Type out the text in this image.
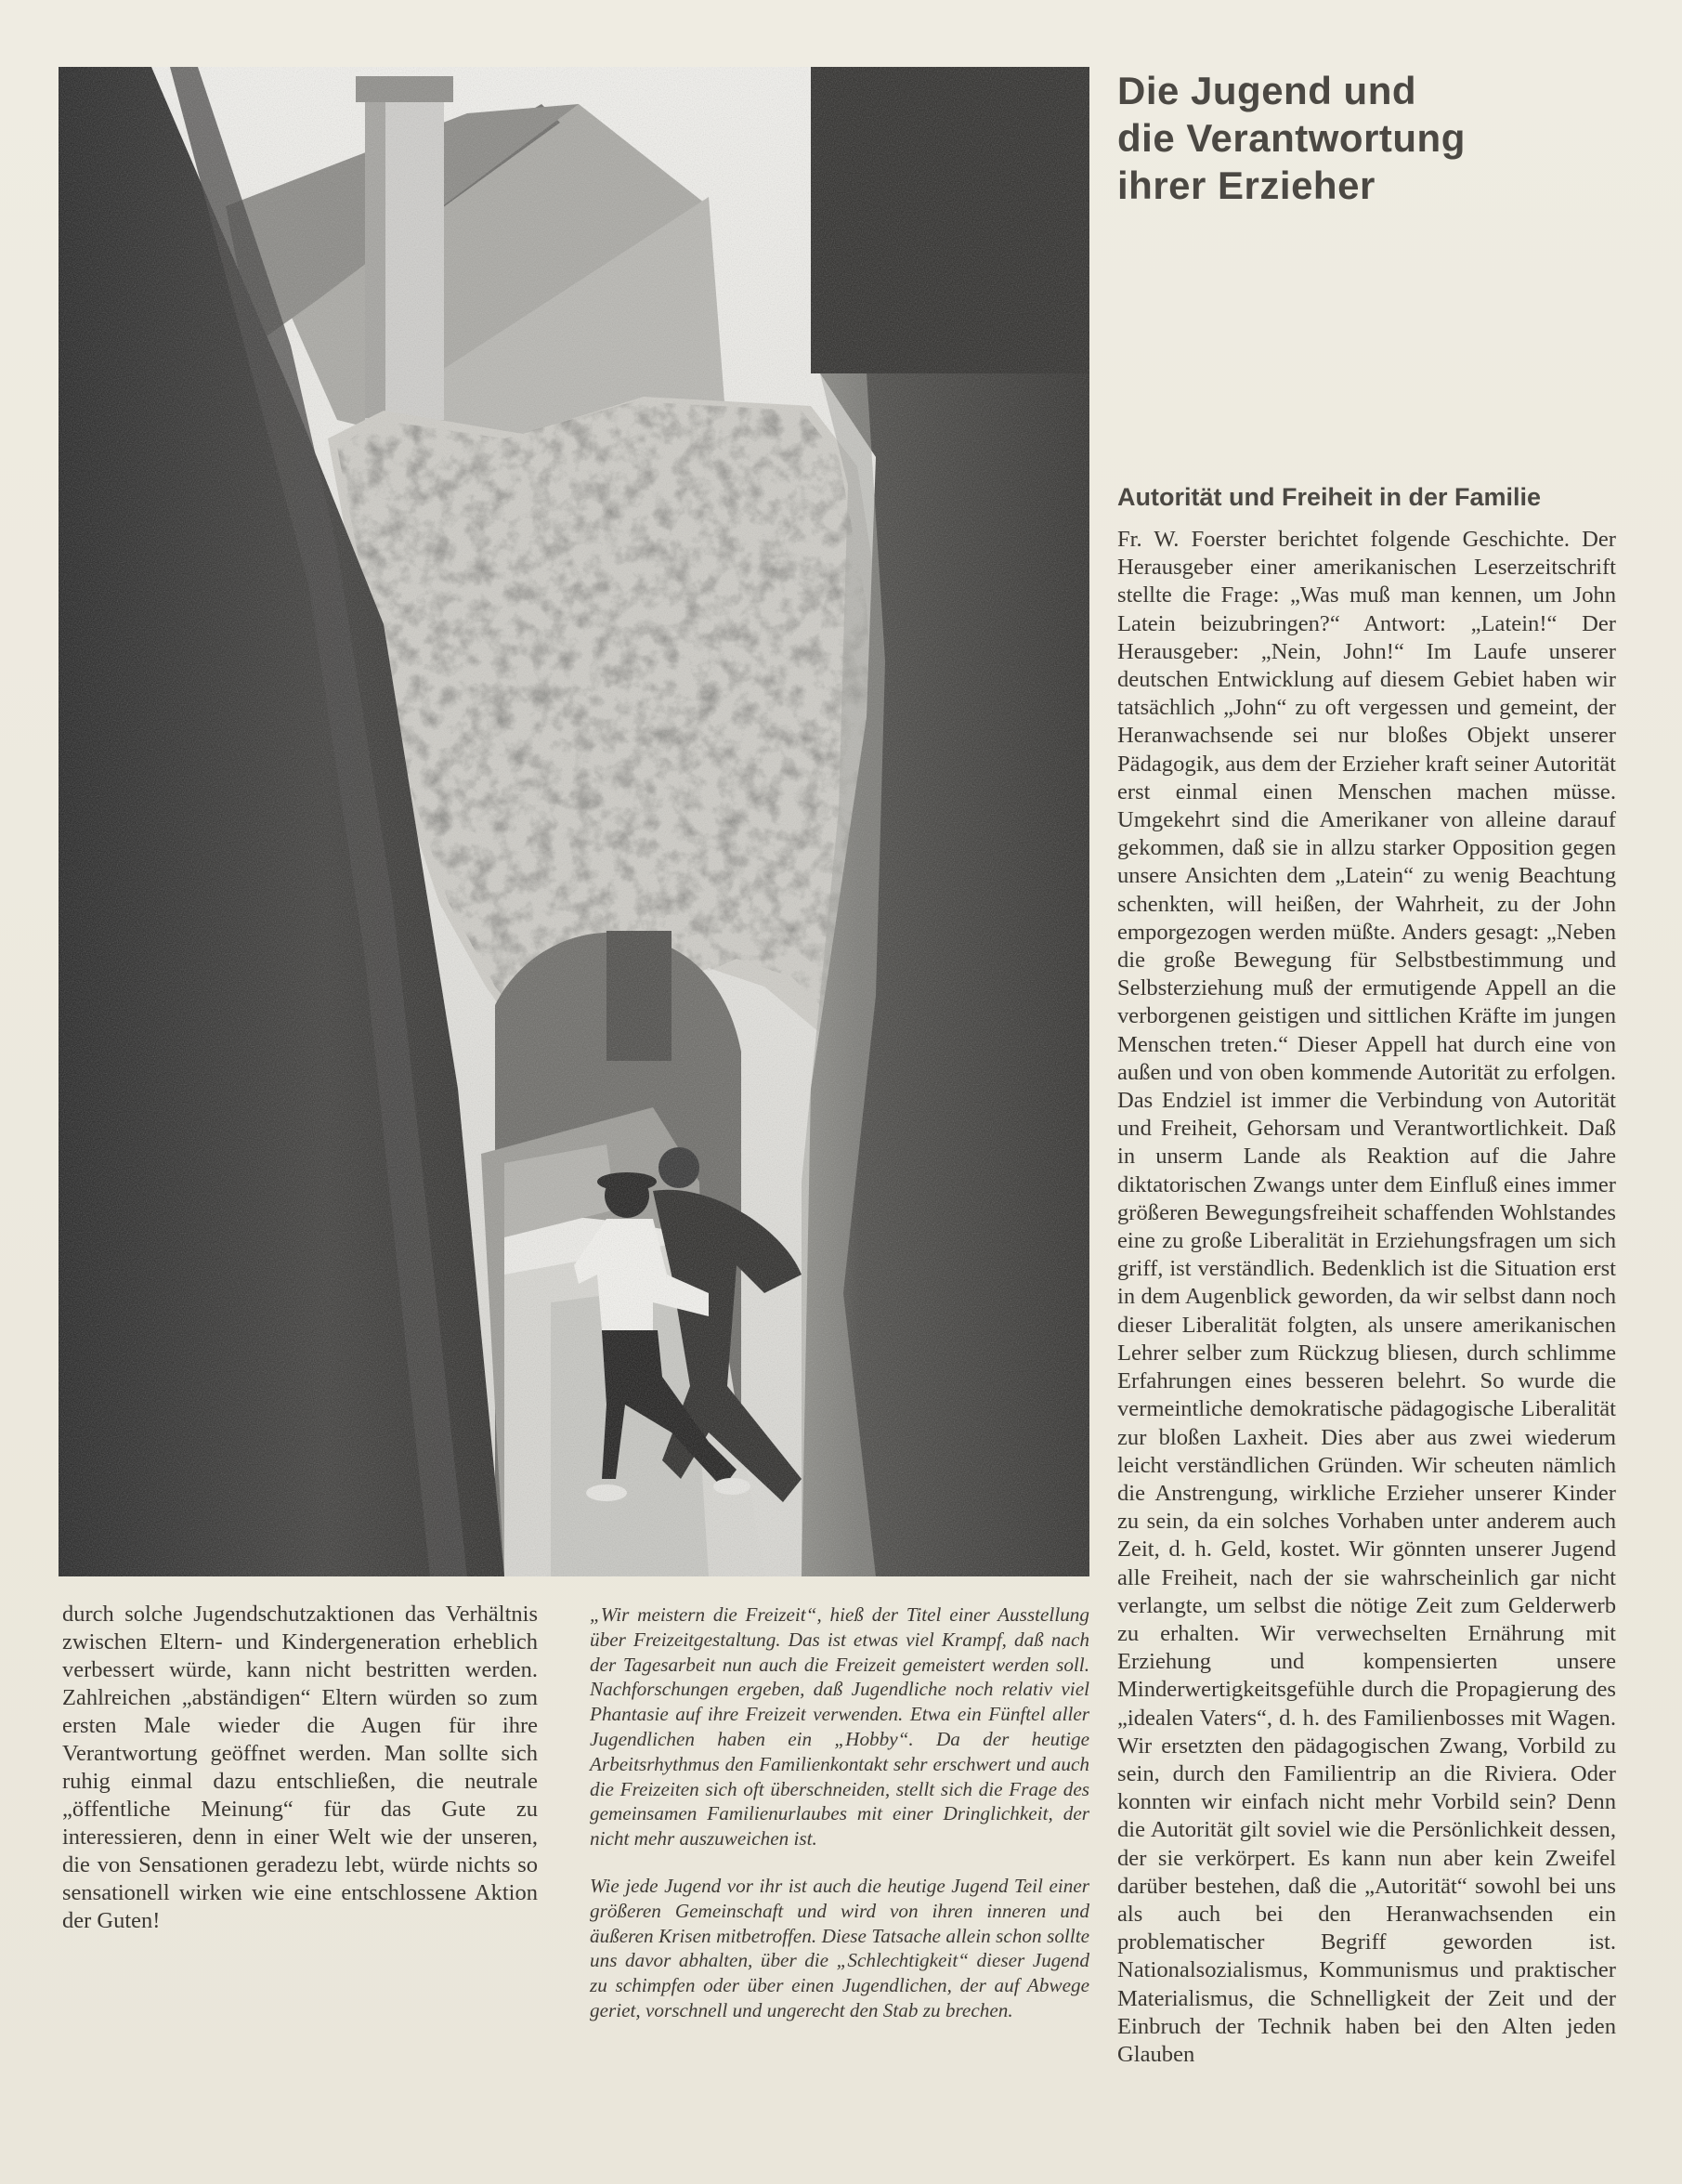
Die Jugend und
die Verantwortung
ihrer Erzieher
Autorität und Freiheit in der Familie

Fr. W. Foerster berichtet folgende Geschichte. Der Herausgeber einer amerikanischen Leserzeitschrift stellte die Frage: „Was muß man kennen, um John Latein beizubringen?“ Antwort: „Latein!“ Der Herausgeber: „Nein, John!“ Im Laufe unserer deutschen Entwicklung auf diesem Gebiet haben wir tatsächlich „John“ zu oft vergessen und gemeint, der Heranwachsende sei nur bloßes Objekt unserer Pädagogik, aus dem der Erzieher kraft seiner Autorität erst einmal einen Menschen machen müsse. Umgekehrt sind die Amerikaner von alleine darauf gekommen, daß sie in allzu starker Opposition gegen unsere Ansichten dem „Latein“ zu wenig Beachtung schenkten, will heißen, der Wahrheit, zu der John emporgezogen werden müßte. Anders gesagt: „Neben die große Bewegung für Selbstbestimmung und Selbsterziehung muß der ermutigende Appell an die verborgenen geistigen und sittlichen Kräfte im jungen Menschen treten.“ Dieser Appell hat durch eine von außen und von oben kommende Autorität zu erfolgen. Das Endziel ist immer die Verbindung von Autorität und Freiheit, Gehorsam und Verantwortlichkeit. Daß in unserm Lande als Reaktion auf die Jahre diktatorischen Zwangs unter dem Einfluß eines immer größeren Bewegungsfreiheit schaffenden Wohlstandes eine zu große Liberalität in Erziehungsfragen um sich griff, ist verständlich. Bedenklich ist die Situation erst in dem Augenblick geworden, da wir selbst dann noch dieser Liberalität folgten, als unsere amerikanischen Lehrer selber zum Rückzug bliesen, durch schlimme Erfahrungen eines besseren belehrt. So wurde die vermeintliche demokratische pädagogische Liberalität zur bloßen Laxheit. Dies aber aus zwei wiederum leicht verständlichen Gründen. Wir scheuten nämlich die Anstrengung, wirkliche Erzieher unserer Kinder zu sein, da ein solches Vorhaben unter anderem auch Zeit, d. h. Geld, kostet. Wir gönnten unserer Jugend alle Freiheit, nach der sie wahrscheinlich gar nicht verlangte, um selbst die nötige Zeit zum Gelderwerb zu erhalten. Wir verwechselten Ernährung mit Erziehung und kompensierten unsere Minderwertigkeitsgefühle durch die Propagierung des „idealen Vaters“, d. h. des Familienbosses mit Wagen. Wir ersetzten den pädagogischen Zwang, Vorbild zu sein, durch den Familientrip an die Riviera. Oder konnten wir einfach nicht mehr Vorbild sein? Denn die Autorität gilt soviel wie die Persönlichkeit dessen, der sie verkörpert. Es kann nun aber kein Zweifel darüber bestehen, daß die „Autorität“ sowohl bei uns als auch bei den Heranwachsenden ein problematischer Begriff geworden ist. Nationalsozialismus, Kommunismus und praktischer Materialismus, die Schnelligkeit der Zeit und der Einbruch der Technik haben bei den Alten jeden Glauben

durch solche Jugendschutzaktionen das Verhältnis zwischen Eltern- und Kindergeneration erheblich verbessert würde, kann nicht bestritten werden. Zahlreichen „abständigen“ Eltern würden so zum ersten Male wieder die Augen für ihre Verantwortung geöffnet werden. Man sollte sich ruhig einmal dazu entschließen, die neutrale „öffentliche Meinung“ für das Gute zu interessieren, denn in einer Welt wie der unseren, die von Sensationen geradezu lebt, würde nichts so sensationell wirken wie eine entschlossene Aktion der Guten!

„Wir meistern die Freizeit“, hieß der Titel einer Ausstellung über Freizeitgestaltung. Das ist etwas viel Krampf, daß nach der Tagesarbeit nun auch die Freizeit gemeistert werden soll. Nachforschungen ergeben, daß Jugendliche noch relativ viel Phantasie auf ihre Freizeit verwenden. Etwa ein Fünftel aller Jugendlichen haben ein „Hobby“. Da der heutige Arbeitsrhythmus den Familienkontakt sehr erschwert und auch die Freizeiten sich oft überschneiden, stellt sich die Frage des gemeinsamen Familienurlaubes mit einer Dringlichkeit, der nicht mehr auszuweichen ist.

Wie jede Jugend vor ihr ist auch die heutige Jugend Teil einer größeren Gemeinschaft und wird von ihren inneren und äußeren Krisen mitbetroffen. Diese Tatsache allein schon sollte uns davor abhalten, über die „Schlechtigkeit“ dieser Jugend zu schimpfen oder über einen Jugendlichen, der auf Abwege geriet, vorschnell und ungerecht den Stab zu brechen.
